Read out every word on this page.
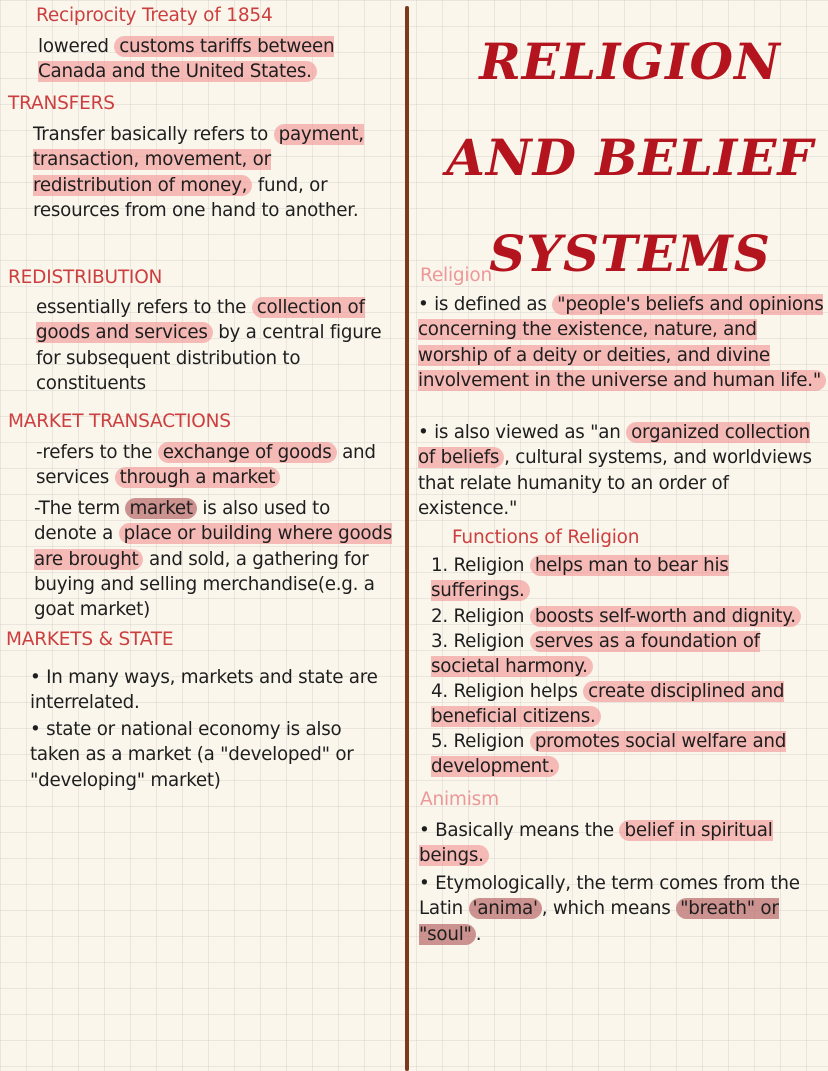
Reciprocity Treaty of 1854

lowered customs tariffs between Canada and the United States.

TRANSFERS

Transfer basically refers to payment, transaction, movement, or redistribution of money, fund, or resources from one hand to another.

REDISTRIBUTION

essentially refers to the collection of goods and services by a central figure for subsequent distribution to constituents

MARKET TRANSACTIONS

-refers to the exchange of goods and services through a market

-The term market is also used to denote a place or building where goods are brought and sold, a gathering for buying and selling merchandise(e.g. a goat market)

MARKETS & STATE

• In many ways, markets and state are interrelated.

• state or national economy is also taken as a market (a "developed" or "developing" market)

RELIGION
AND BELIEF
SYSTEMS
Religion

• is defined as "people's beliefs and opinions concerning the existence, nature, and worship of a deity or deities, and divine involvement in the universe and human life."

• is also viewed as "an organized collection of beliefs , cultural systems, and worldviews that relate humanity to an order of existence."

Functions of Religion

1. Religion helps man to bear his sufferings.

2. Religion boosts self-worth and dignity.

3. Religion serves as a foundation of societal harmony.

4. Religion helps create disciplined and beneficial citizens.

5. Religion promotes social welfare and development.

Animism

• Basically means the belief in spiritual beings.

• Etymologically, the term comes from the Latin 'anima' , which means "breath" or "soul" .
